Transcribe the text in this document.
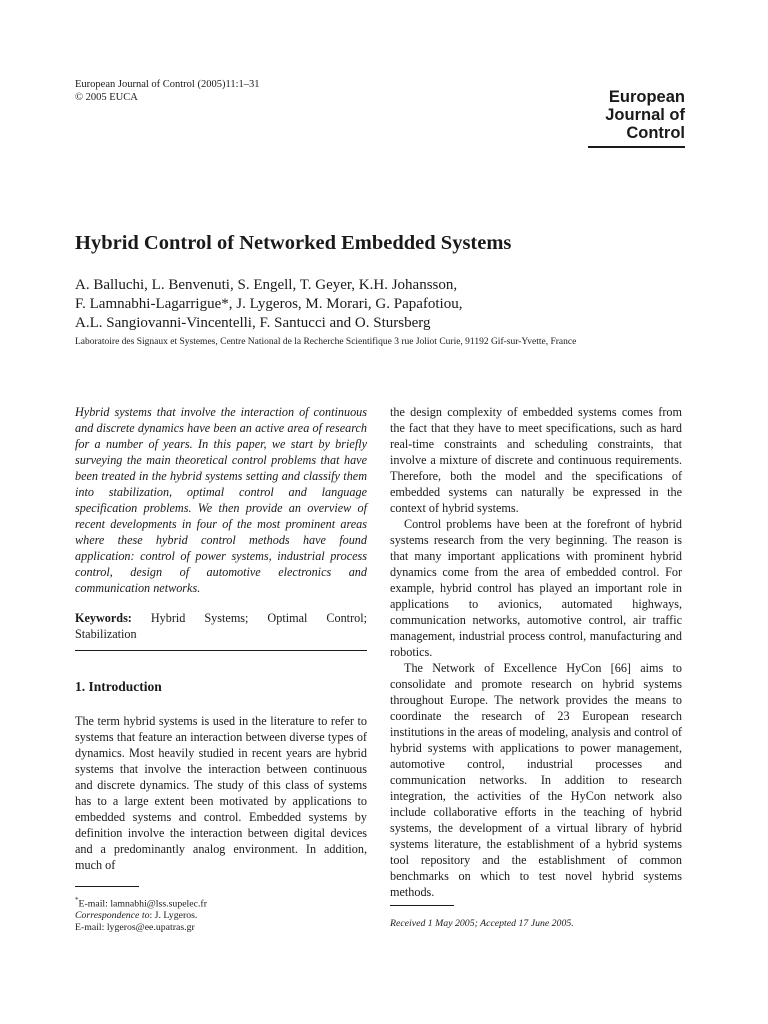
European Journal of Control (2005)11:1–31
© 2005 EUCA	European
Journal of
Control
Hybrid Control of Networked Embedded Systems
A. Balluchi, L. Benvenuti, S. Engell, T. Geyer, K.H. Johansson,
F. Lamnabhi-Lagarrigue*, J. Lygeros, M. Morari, G. Papafotiou,
A.L. Sangiovanni-Vincentelli, F. Santucci and O. Stursberg
Laboratoire des Signaux et Systemes, Centre National de la Recherche Scientifique 3 rue Joliot Curie, 91192 Gif-sur-Yvette, France

Hybrid systems that involve the interaction of continuous and discrete dynamics have been an active area of research for a number of years. In this paper, we start by briefly surveying the main theoretical control problems that have been treated in the hybrid systems setting and classify them into stabilization, optimal control and language specification problems. We then provide an overview of recent developments in four of the most prominent areas where these hybrid control methods have found application: control of power systems, industrial process control, design of automotive electronics and communication networks.

Keywords: Hybrid Systems; Optimal Control; Stabilization

1. Introduction

The term hybrid systems is used in the literature to refer to systems that feature an interaction between diverse types of dynamics. Most heavily studied in recent years are hybrid systems that involve the interaction between continuous and discrete dynamics. The study of this class of systems has to a large extent been motivated by applications to embedded systems and control. Embedded systems by definition involve the interaction between digital devices and a predominantly analog environment. In addition, much of

the design complexity of embedded systems comes from the fact that they have to meet specifications, such as hard real-time constraints and scheduling constraints, that involve a mixture of discrete and continuous requirements. Therefore, both the model and the specifications of embedded systems can naturally be expressed in the context of hybrid systems.

Control problems have been at the forefront of hybrid systems research from the very beginning. The reason is that many important applications with prominent hybrid dynamics come from the area of embedded control. For example, hybrid control has played an important role in applications to avionics, automated highways, communication networks, automotive control, air traffic management, industrial process control, manufacturing and robotics.

The Network of Excellence HyCon [66] aims to consolidate and promote research on hybrid systems throughout Europe. The network provides the means to coordinate the research of 23 European research institutions in the areas of modeling, analysis and control of hybrid systems with applications to power management, automotive control, industrial processes and communication networks. In addition to research integration, the activities of the HyCon network also include collaborative efforts in the teaching of hybrid systems, the development of a virtual library of hybrid systems literature, the establishment of a hybrid systems tool repository and the establishment of common benchmarks on which to test novel hybrid systems methods.

*E-mail: lamnabhi@lss.supelec.fr
Correspondence to: J. Lygeros.
E-mail: lygeros@ee.upatras.gr	Received 1 May 2005; Accepted 17 June 2005.
